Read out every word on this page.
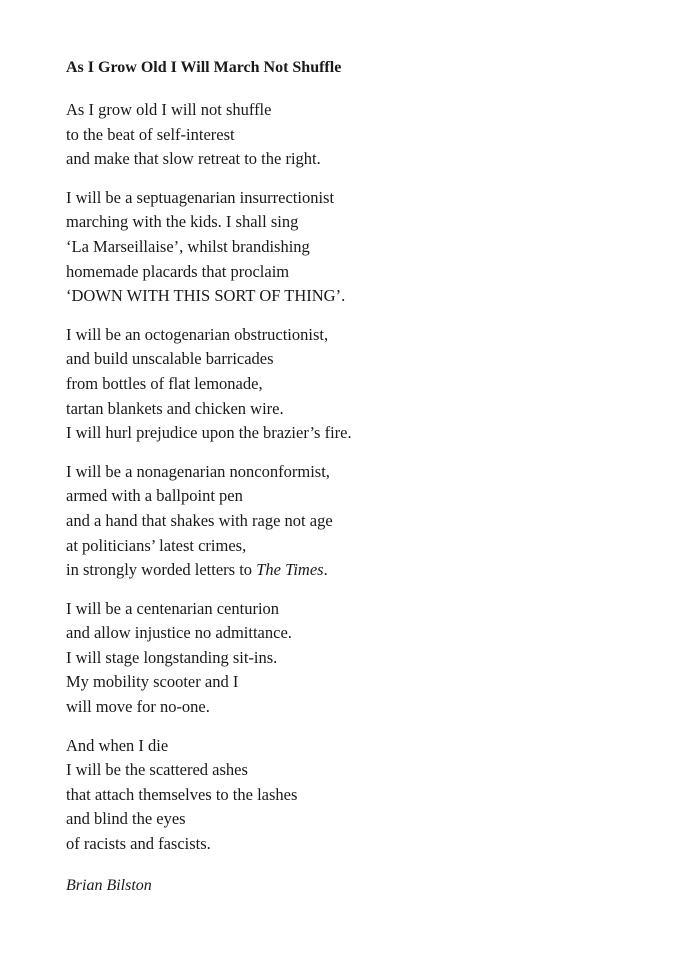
As I Grow Old I Will March Not Shuffle
As I grow old I will not shuffle
to the beat of self-interest
and make that slow retreat to the right.
I will be a septuagenarian insurrectionist
marching with the kids. I shall sing
‘La Marseillaise’, whilst brandishing
homemade placards that proclaim
‘DOWN WITH THIS SORT OF THING’.
I will be an octogenarian obstructionist,
and build unscalable barricades
from bottles of flat lemonade,
tartan blankets and chicken wire.
I will hurl prejudice upon the brazier’s fire.
I will be a nonagenarian nonconformist,
armed with a ballpoint pen
and a hand that shakes with rage not age
at politicians’ latest crimes,
in strongly worded letters to The Times.
I will be a centenarian centurion
and allow injustice no admittance.
I will stage longstanding sit-ins.
My mobility scooter and I
will move for no-one.
And when I die
I will be the scattered ashes
that attach themselves to the lashes
and blind the eyes
of racists and fascists.
Brian Bilston
